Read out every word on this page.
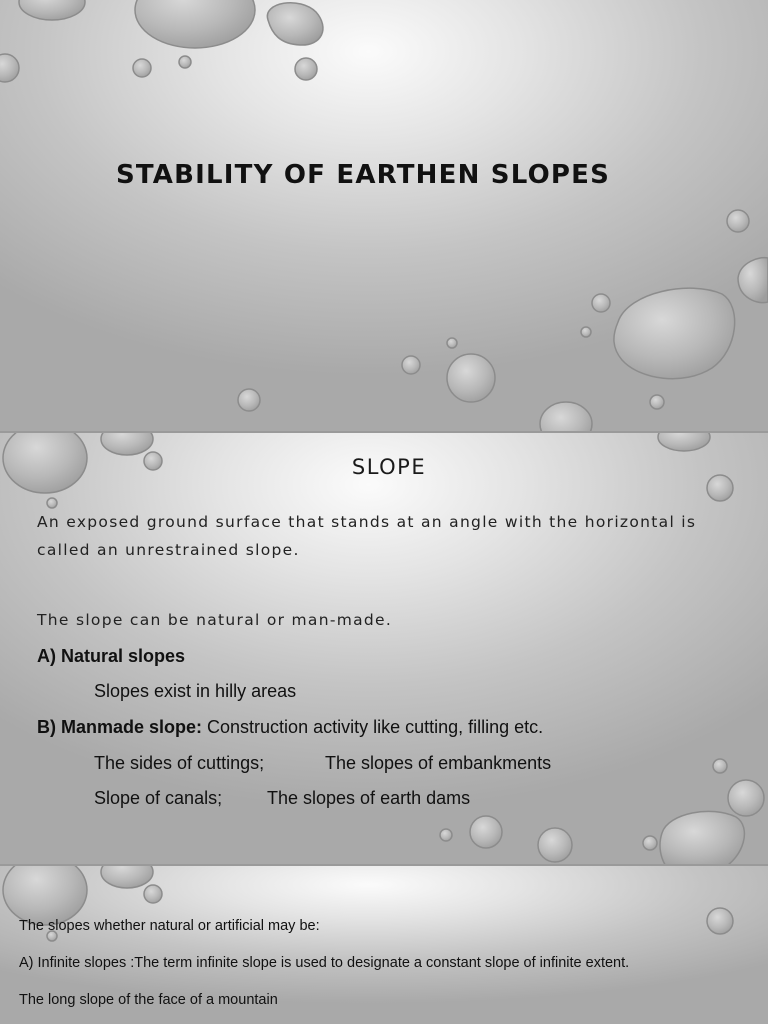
STABILITY OF EARTHEN SLOPES
SLOPE
An exposed ground surface that stands at an angle with the horizontal is called an unrestrained slope.
The slope can be natural or man-made.
A) Natural slopes
Slopes exist in hilly areas
B) Manmade slope: Construction activity like cutting, filling etc.
The sides of cuttings;	The slopes of embankments
Slope of canals; The slopes of earth dams
The slopes whether natural or artificial may be:
A) Infinite slopes :The term infinite slope is used to designate a constant slope of infinite extent.
The long slope of the face of a mountain
